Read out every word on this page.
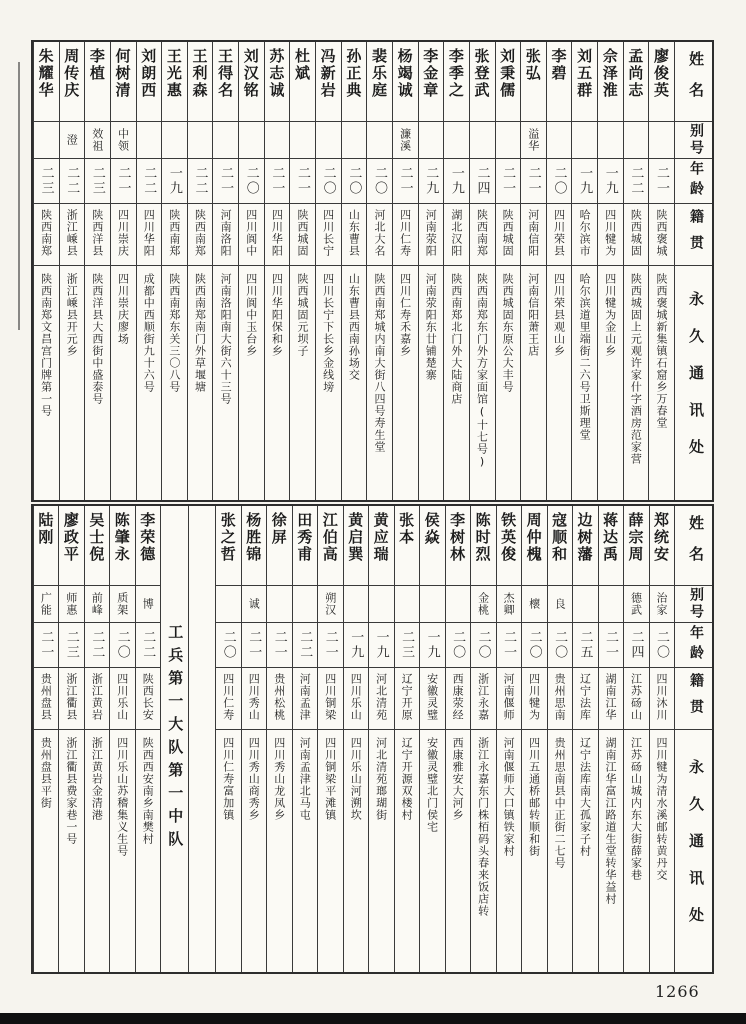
姓名
别号
年龄
籍贯
永久通讯处
廖俊英
二一
陕西褒城
陕西褒城新集镇石窟乡万春堂
孟尚志
二二
陕西城固
陕西城固上元观许家什字酒房范家营
佘泽淮
一九
四川犍为
四川犍为金山乡
刘五群
一九
哈尔滨市
哈尔滨道里端街二六号卫斯理堂
李碧
二〇
四川荣县
四川荣县观山乡
张弘
溢华
二一
河南信阳
河南信阳萧王店
刘秉儒
二一
陕西城固
陕西城固东原公大丰号
张登武
二四
陕西南郑
陕西南郑东门外方家面馆(十七号)
李季之
一九
湖北汉阳
陕西南郑北门外大陆商店
李金章
二九
河南荥阳
河南荥阳东廿铺楚寨
杨竭诚
濂溪
二一
四川仁寿
四川仁寿禾嘉乡
裴乐庭
二〇
河北大名
陕西南郑城内南大街八四号寿生堂
孙正典
二〇
山东曹县
山东曹县西南孙场交
冯新岩
二〇
四川长宁
四川长宁下长乡金线塝
杜斌
二一
陕西城固
陕西城固元坝子
苏志诚
二一
四川华阳
四川华阳保和乡
刘汉铭
二〇
四川阆中
四川阆中玉台乡
王得名
二一
河南洛阳
河南洛阳南大街六十三号
王利森
二二
陕西南郑
陕西南郑南门外草堰塘
王光惠
一九
陕西南郑
陕西南郑东关三〇八号
刘朗西
二二
四川华阳
成都中西顺街九十六号
何树清
中领
二一
四川崇庆
四川崇庆廖场
李植
效祖
二三
陕西洋县
陕西洋县大西街中盛泰号
周传庆
澄
二二
浙江嵊县
浙江嵊县开元乡
朱耀华
二三
陕西南郑
陕西南郑文昌宫门牌第一号
姓名
别号
年龄
籍贯
永久通讯处
郑统安
治家
二〇
四川沐川
四川犍为清水溪邮转黄丹交
薛宗周
德武
二四
江苏砀山
江苏砀山城内东大街薛家巷
蒋达禹
二一
湖南江华
湖南江华富江路道生堂转华益村
边树藩
二五
辽宁法库
辽宁法库南大孤家子村
寇顺和
良
二〇
贵州思南
贵州思南县中正街二七号
周仲槐
櫰
二〇
四川犍为
四川五通桥邮转顺和街
铁英俊
杰卿
二一
河南偃师
河南偃师大口镇铁家村
陈时烈
金桃
二〇
浙江永嘉
浙江永嘉东门株栢码头春来饭店转
李树林
二〇
西康荥经
西康雅安大河乡
侯焱
一九
安徽灵璧
安徽灵璧北门侯宅
张本
二三
辽宁开原
辽宁开源双楼村
黄应瑞
一九
河北清苑
河北清苑瑯瑚街
黄启巽
一九
四川乐山
四川乐山河溯坎
江伯高
朔汉
二一
四川铜梁
四川铜梁平滩镇
田秀甫
二二
河南孟津
河南孟津北马屯
徐屏
二一
贵州松桃
四川秀山龙凤乡
杨胜锦
诚
二一
四川秀山
四川秀山商秀乡
张之哲
二〇
四川仁寿
四川仁寿富加镇
工兵第一大队第一中队
李荣德
博
二二
陕西长安
陕西西安南乡南樊村
陈肇永
质架
二〇
四川乐山
四川乐山苏稽集义生号
吴士倪
前峰
二二
浙江黄岩
浙江黄岩金清港
廖政平
师惠
二三
浙江衢县
浙江衢县费家巷一号
陆刚
广能
二一
贵州盘县
贵州盘县平街
1266
